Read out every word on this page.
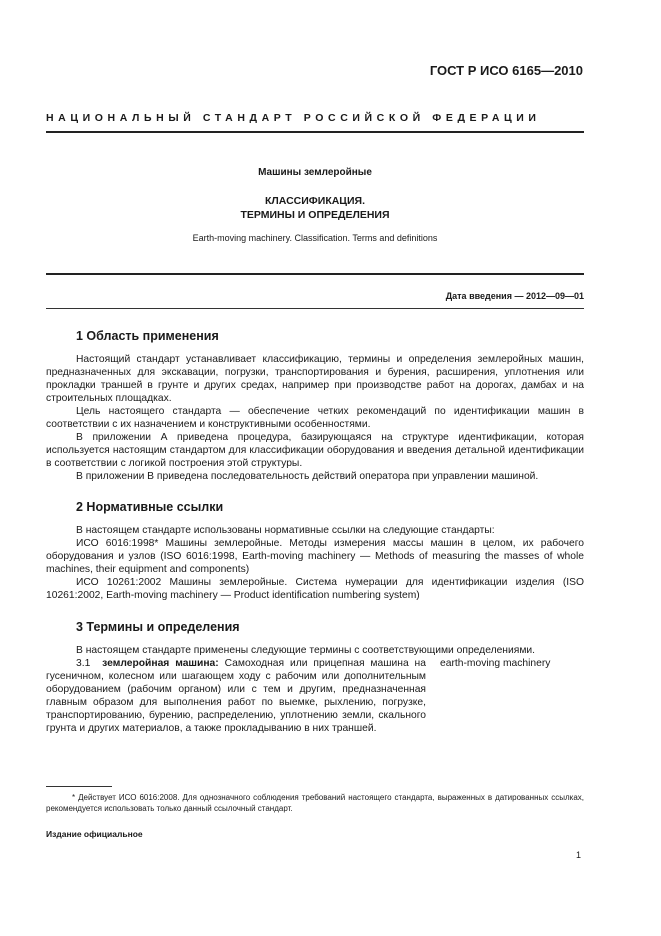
ГОСТ Р ИСО 6165—2010
НАЦИОНАЛЬНЫЙ СТАНДАРТ РОССИЙСКОЙ ФЕДЕРАЦИИ
Машины землеройные
КЛАССИФИКАЦИЯ.
ТЕРМИНЫ И ОПРЕДЕЛЕНИЯ
Earth-moving machinery. Classification. Terms and definitions
Дата введения — 2012—09—01
1 Область применения

Настоящий стандарт устанавливает классификацию, термины и определения землеройных машин, предназначенных для экскавации, погрузки, транспортирования и бурения, расширения, уплотнения или прокладки траншей в грунте и других средах, например при производстве работ на дорогах, дамбах и на строительных площадках.

Цель настоящего стандарта — обеспечение четких рекомендаций по идентификации машин в соответствии с их назначением и конструктивными особенностями.

В приложении А приведена процедура, базирующаяся на структуре идентификации, которая используется настоящим стандартом для классификации оборудования и введения детальной идентификации в соответствии с логикой построения этой структуры.

В приложении В приведена последовательность действий оператора при управлении машиной.

2 Нормативные ссылки

В настоящем стандарте использованы нормативные ссылки на следующие стандарты:

ИСО 6016:1998* Машины землеройные. Методы измерения массы машин в целом, их рабочего оборудования и узлов (ISO 6016:1998, Earth-moving machinery — Methods of measuring the masses of whole machines, their equipment and components)

ИСО 10261:2002 Машины землеройные. Система нумерации для идентификации изделия (ISO 10261:2002, Earth-moving machinery — Product identification numbering system)

3 Термины и определения

В настоящем стандарте применены следующие термины с соответствующими определениями.

3.1 землеройная машина: Самоходная или прицепная машина на гусеничном, колесном или шагающем ходу с рабочим или дополнительным оборудованием (рабочим органом) или с тем и другим, предназначенная главным образом для выполнения работ по выемке, рыхлению, погрузке, транспортированию, бурению, распределению, уплотнению земли, скального грунта и других материалов, а также прокладыванию в них траншей.

earth-moving machinery

* Действует ИСО 6016:2008. Для однозначного соблюдения требований настоящего стандарта, выраженных в датированных ссылках, рекомендуется использовать только данный ссылочный стандарт.

Издание официальное
1
